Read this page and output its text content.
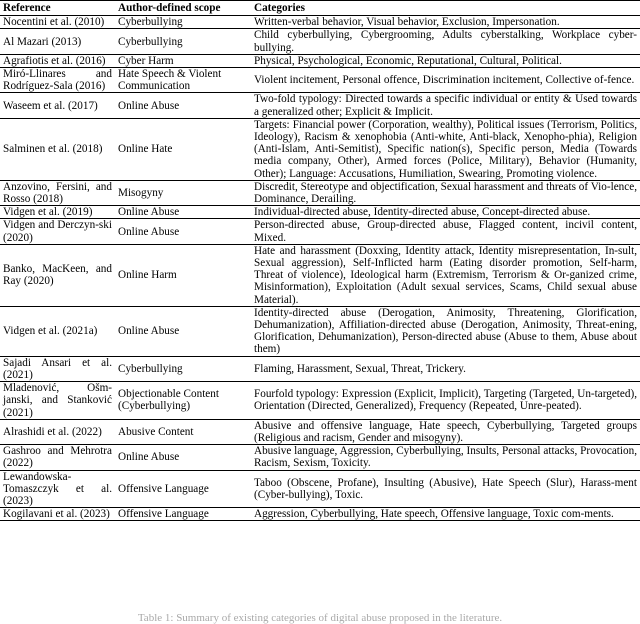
Reference	Author-defined scope	Categories
Nocentini et al. (2010)	Cyberbullying	Written-verbal behavior, Visual behavior, Exclusion, Impersonation.
Al Mazari (2013)	Cyberbullying	Child cyberbullying, Cybergrooming, Adults cyberstalking, Workplace cyber-bullying.
Agrafiotis et al. (2016)	Cyber Harm	Physical, Psychological, Economic, Reputational, Cultural, Political.
Miró-Llinares and Rodríguez-Sala (2016)	Hate Speech & Violent Communication	Violent incitement, Personal offence, Discrimination incitement, Collective of-fence.
Waseem et al. (2017)	Online Abuse	Two-fold typology: Directed towards a specific individual or entity & Used towards a generalized other; Explicit & Implicit.
Salminen et al. (2018)	Online Hate	Targets: Financial power (Corporation, wealthy), Political issues (Terrorism, Politics, Ideology), Racism & xenophobia (Anti-white, Anti-black, Xenopho-phia), Religion (Anti-Islam, Anti-Semitist), Specific nation(s), Specific person, Media (Towards media company, Other), Armed forces (Police, Military), Behavior (Humanity, Other); Language: Accusations, Humiliation, Swearing, Promoting violence.
Anzovino, Fersini, and Rosso (2018)	Misogyny	Discredit, Stereotype and objectification, Sexual harassment and threats of Vio-lence, Dominance, Derailing.
Vidgen et al. (2019)	Online Abuse	Individual-directed abuse, Identity-directed abuse, Concept-directed abuse.
Vidgen and Derczyn-ski (2020)	Online Abuse	Person-directed abuse, Group-directed abuse, Flagged content, incivil content, Mixed.
Banko, MacKeen, and Ray (2020)	Online Harm	Hate and harassment (Doxxing, Identity attack, Identity misrepresentation, In-sult, Sexual aggression), Self-Inflicted harm (Eating disorder promotion, Self-harm, Threat of violence), Ideological harm (Extremism, Terrorism & Or-ganized crime, Misinformation), Exploitation (Adult sexual services, Scams, Child sexual abuse Material).
Vidgen et al. (2021a)	Online Abuse	Identity-directed abuse (Derogation, Animosity, Threatening, Glorification, Dehumanization), Affiliation-directed abuse (Derogation, Animosity, Threat-ening, Glorification, Dehumanization), Person-directed abuse (Abuse to them, Abuse about them)
Sajadi Ansari et al. (2021)	Cyberbullying	Flaming, Harassment, Sexual, Threat, Trickery.
Mladenović, Ošm-janski, and Stanković (2021)	Objectionable Content (Cyberbullying)	Fourfold typology: Expression (Explicit, Implicit), Targeting (Targeted, Un-targeted), Orientation (Directed, Generalized), Frequency (Repeated, Unre-peated).
Alrashidi et al. (2022)	Abusive Content	Abusive and offensive language, Hate speech, Cyberbullying, Targeted groups (Religious and racism, Gender and misogyny).
Gashroo and Mehrotra (2022)	Online Abuse	Abusive language, Aggression, Cyberbullying, Insults, Personal attacks, Provocation, Racism, Sexism, Toxicity.
Lewandowska-Tomaszczyk et al. (2023)	Offensive Language	Taboo (Obscene, Profane), Insulting (Abusive), Hate Speech (Slur), Harass-ment (Cyber-bullying), Toxic.
Kogilavani et al. (2023)	Offensive Language	Aggression, Cyberbullying, Hate speech, Offensive language, Toxic com-ments.
Table 1: Summary of existing categories of digital abuse proposed in the literature.
